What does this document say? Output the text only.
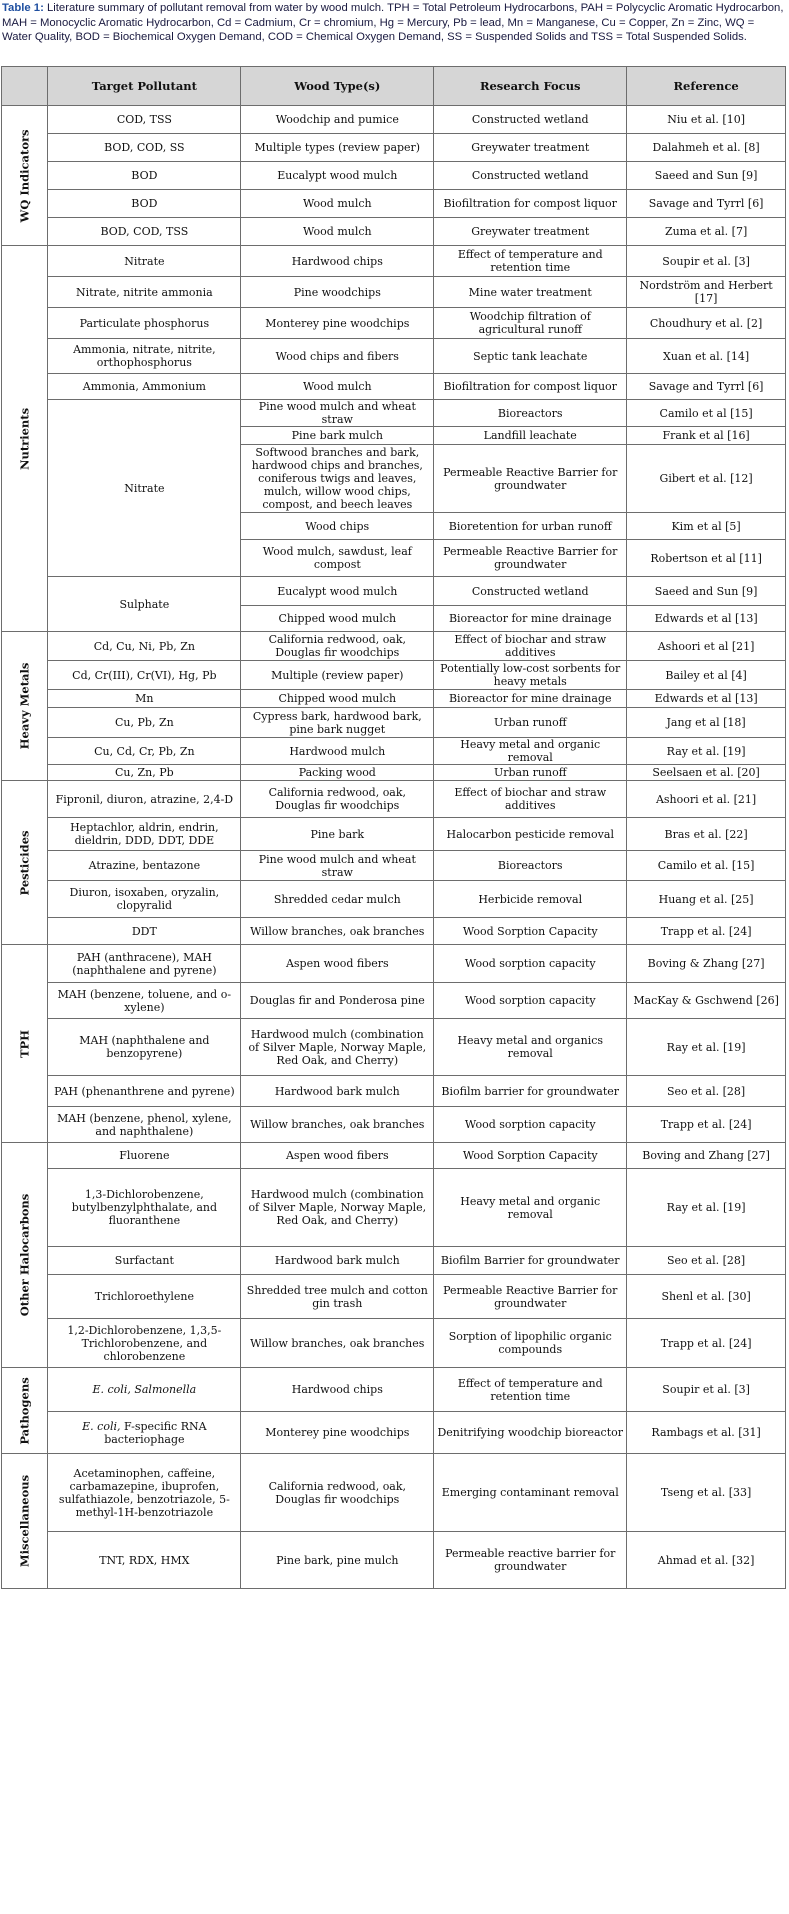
Table 1: Literature summary of pollutant removal from water by wood mulch. TPH = Total Petroleum Hydrocarbons, PAH = Polycyclic Aromatic Hydrocarbon, MAH = Monocyclic Aromatic Hydrocarbon, Cd = Cadmium, Cr = chromium, Hg = Mercury, Pb = lead, Mn = Manganese, Cu = Copper, Zn = Zinc, WQ = Water Quality, BOD = Biochemical Oxygen Demand, COD = Chemical Oxygen Demand, SS = Suspended Solids and TSS = Total Suspended Solids.

	Target Pollutant	Wood Type(s)	Research Focus	Reference

WQ Indicators	COD, TSS	Woodchip and pumice	Constructed wetland	Niu et al. [10]
	BOD, COD, SS	Multiple types (review paper)	Greywater treatment	Dalahmeh et al. [8]
	BOD	Eucalypt wood mulch	Constructed wetland	Saeed and Sun [9]
	BOD	Wood mulch	Biofiltration for compost liquor	Savage and Tyrrl [6]
	BOD, COD, TSS	Wood mulch	Greywater treatment	Zuma et al. [7]

Nutrients	Nitrate	Hardwood chips	Effect of temperature and retention time	Soupir et al. [3]
	Nitrate, nitrite ammonia	Pine woodchips	Mine water treatment	Nordström and Herbert [17]
	Particulate phosphorus	Monterey pine woodchips	Woodchip filtration of agricultural runoff	Choudhury et al. [2]
	Ammonia, nitrate, nitrite, orthophosphorus	Wood chips and fibers	Septic tank leachate	Xuan et al. [14]
	Ammonia, Ammonium	Wood mulch	Biofiltration for compost liquor	Savage and Tyrrl [6]
	Nitrate	Pine wood mulch and wheat straw	Bioreactors	Camilo et al [15]
		Pine bark mulch	Landfill leachate	Frank et al [16]
		Softwood branches and bark, hardwood chips and branches, coniferous twigs and leaves, mulch, willow wood chips, compost, and beech leaves	Permeable Reactive Barrier for groundwater	Gibert et al. [12]
		Wood chips	Bioretention for urban runoff	Kim et al [5]
		Wood mulch, sawdust, leaf compost	Permeable Reactive Barrier for groundwater	Robertson et al [11]
	Sulphate	Eucalypt wood mulch	Constructed wetland	Saeed and Sun [9]
		Chipped wood mulch	Bioreactor for mine drainage	Edwards et al [13]

Heavy Metals	Cd, Cu, Ni, Pb, Zn	California redwood, oak, Douglas fir woodchips	Effect of biochar and straw additives	Ashoori et al [21]
	Cd, Cr(III), Cr(VI), Hg, Pb	Multiple (review paper)	Potentially low-cost sorbents for heavy metals	Bailey et al [4]
	Mn	Chipped wood mulch	Bioreactor for mine drainage	Edwards et al [13]
	Cu, Pb, Zn	Cypress bark, hardwood bark, pine bark nugget	Urban runoff	Jang et al [18]
	Cu, Cd, Cr, Pb, Zn	Hardwood mulch	Heavy metal and organic removal	Ray et al. [19]
	Cu, Zn, Pb	Packing wood	Urban runoff	Seelsaen et al. [20]

Pesticides	Fipronil, diuron, atrazine, 2,4-D	California redwood, oak, Douglas fir woodchips	Effect of biochar and straw additives	Ashoori et al. [21]
	Heptachlor, aldrin, endrin, dieldrin, DDD, DDT, DDE	Pine bark	Halocarbon pesticide removal	Bras et al. [22]
	Atrazine, bentazone	Pine wood mulch and wheat straw	Bioreactors	Camilo et al. [15]
	Diuron, isoxaben, oryzalin, clopyralid	Shredded cedar mulch	Herbicide removal	Huang et al. [25]
	DDT	Willow branches, oak branches	Wood Sorption Capacity	Trapp et al. [24]

TPH	PAH (anthracene), MAH (naphthalene and pyrene)	Aspen wood fibers	Wood sorption capacity	Boving & Zhang [27]
	MAH (benzene, toluene, and o-xylene)	Douglas fir and Ponderosa pine	Wood sorption capacity	MacKay & Gschwend [26]
	MAH (naphthalene and benzopyrene)	Hardwood mulch (combination of Silver Maple, Norway Maple, Red Oak, and Cherry)	Heavy metal and organics removal	Ray et al. [19]
	PAH (phenanthrene and pyrene)	Hardwood bark mulch	Biofilm barrier for groundwater	Seo et al. [28]
	MAH (benzene, phenol, xylene, and naphthalene)	Willow branches, oak branches	Wood sorption capacity	Trapp et al. [24]

Other Halocarbons	Fluorene	Aspen wood fibers	Wood Sorption Capacity	Boving and Zhang [27]
	1,3-Dichlorobenzene, butylbenzylphthalate, and fluoranthene	Hardwood mulch (combination of Silver Maple, Norway Maple, Red Oak, and Cherry)	Heavy metal and organic removal	Ray et al. [19]
	Surfactant	Hardwood bark mulch	Biofilm Barrier for groundwater	Seo et al. [28]
	Trichloroethylene	Shredded tree mulch and cotton gin trash	Permeable Reactive Barrier for groundwater	Shenl et al. [30]
	1,2-Dichlorobenzene, 1,3,5-Trichlorobenzene, and chlorobenzene	Willow branches, oak branches	Sorption of lipophilic organic compounds	Trapp et al. [24]

Pathogens	E. coli, Salmonella	Hardwood chips	Effect of temperature and retention time	Soupir et al. [3]
	E. coli, F-specific RNA bacteriophage	Monterey pine woodchips	Denitrifying woodchip bioreactor	Rambags et al. [31]

Miscellaneous	Acetaminophen, caffeine, carbamazepine, ibuprofen, sulfathiazole, benzotriazole, 5-methyl-1H-benzotriazole	California redwood, oak, Douglas fir woodchips	Emerging contaminant removal	Tseng et al. [33]
	TNT, RDX, HMX	Pine bark, pine mulch	Permeable reactive barrier for groundwater	Ahmad et al. [32]
